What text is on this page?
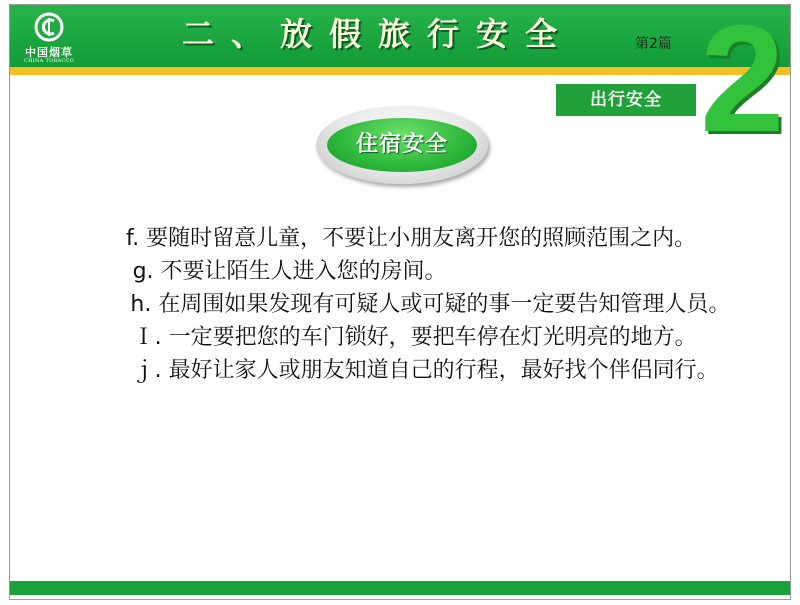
中国烟草
CHINA TOBACCO
二、放假旅行安全	第2篇 2
出行安全
住宿安全

f. 要随时留意儿童，不要让小朋友离开您的照顾范围之内。

g. 不要让陌生人进入您的房间。

h. 在周围如果发现有可疑人或可疑的事一定要告知管理人员。

Ｉ. 一定要把您的车门锁好，要把车停在灯光明亮的地方。

ｊ. 最好让家人或朋友知道自己的行程，最好找个伴侣同行。
